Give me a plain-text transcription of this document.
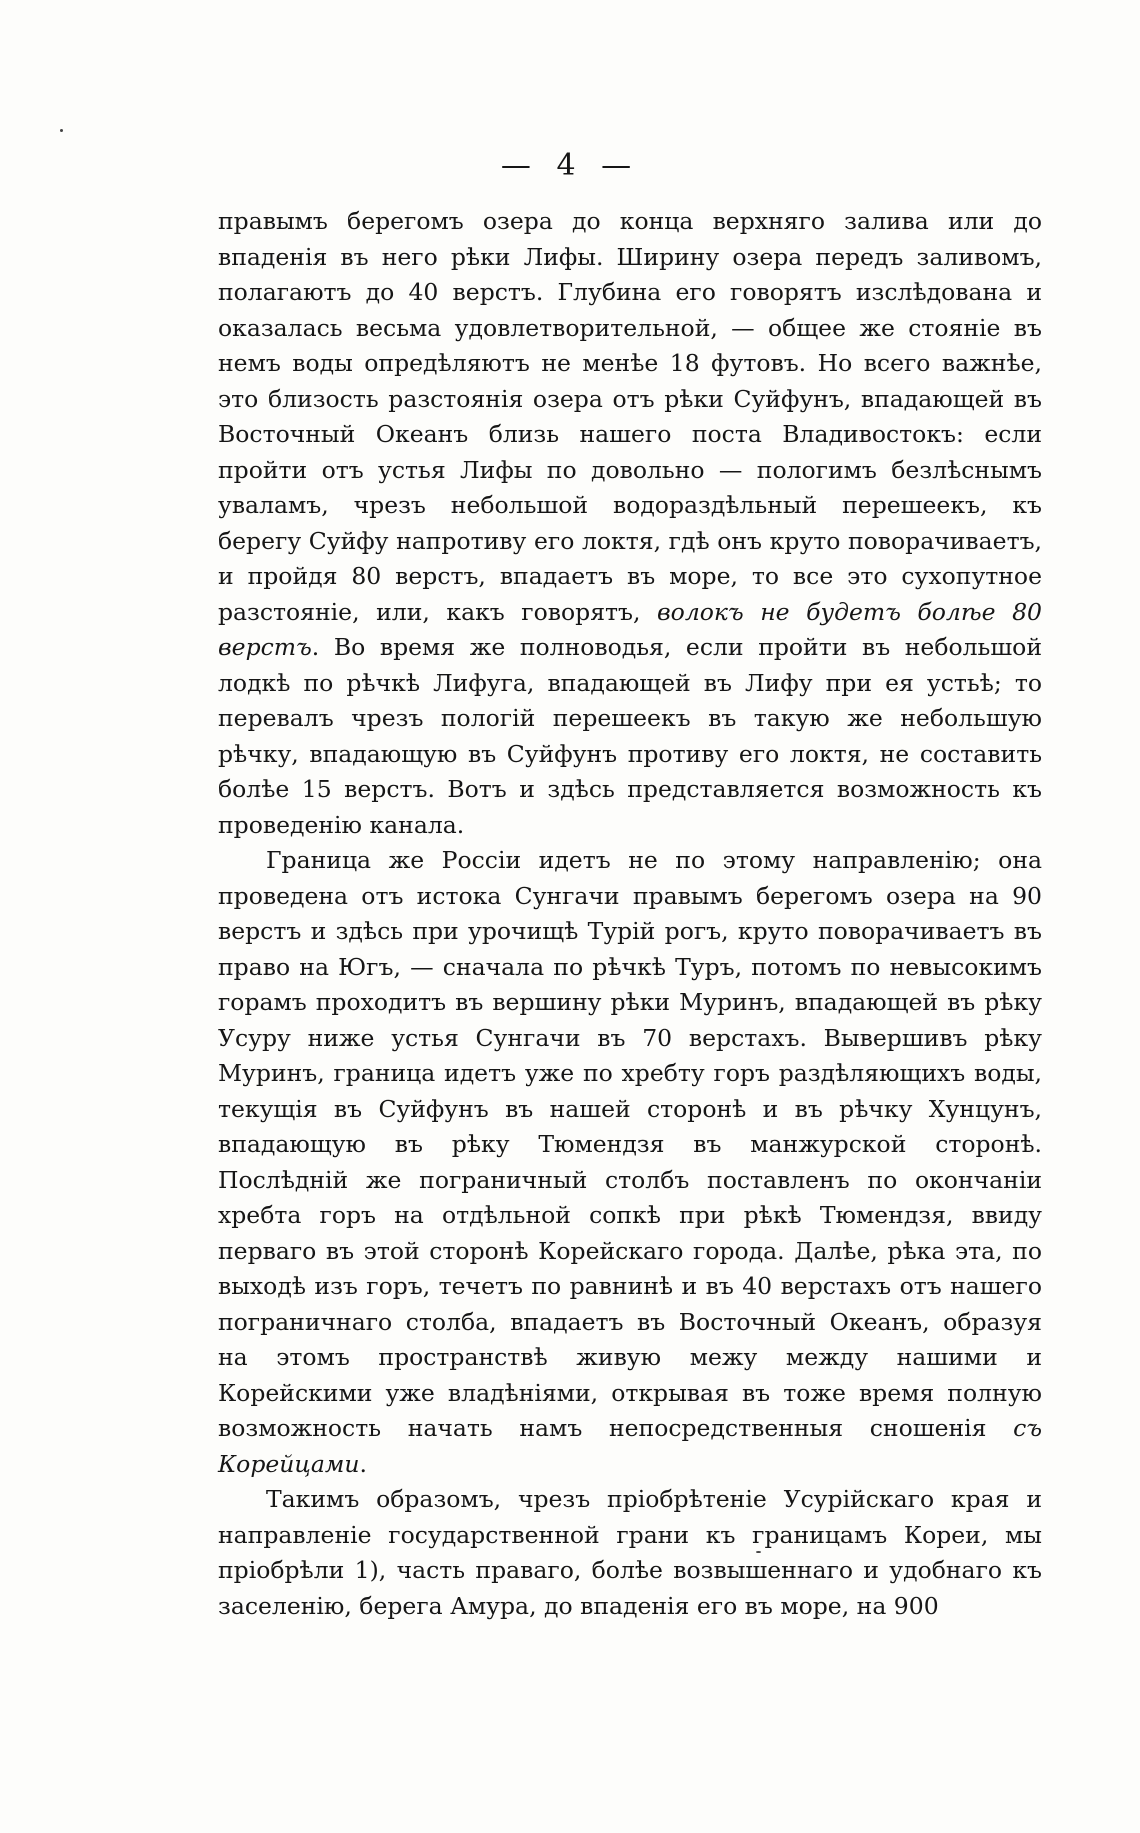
— 4 —

правымъ берегомъ озера до конца верхняго залива или до впаденія въ него рѣки Лифы. Ширину озера передъ заливомъ, полагаютъ до 40 верстъ. Глубина его говорятъ изслѣдована и оказалась весьма удовлетворительной, — общее же стояніе въ немъ воды опредѣляютъ не менѣе 18 футовъ. Но всего важнѣе, это близость разстоянія озера отъ рѣки Суйфунъ, впадающей въ Восточный Океанъ близь нашего поста Владивостокъ: если пройти отъ устья Лифы по довольно — пологимъ безлѣснымъ уваламъ, чрезъ небольшой водораздѣльный перешеекъ, къ берегу Суйфу напротиву его локтя, гдѣ онъ круто поворачиваетъ, и пройдя 80 верстъ, впадаетъ въ море, то все это сухопутное разстояніе, или, какъ говорятъ, волокъ не будетъ болѣе 80 верстъ. Во время же полноводья, если пройти въ небольшой лодкѣ по рѣчкѣ Лифуга, впадающей въ Лифу при ея устьѣ; то перевалъ чрезъ пологій перешеекъ въ такую же небольшую рѣчку, впадающую въ Суйфунъ противу его локтя, не составить болѣе 15 верстъ. Вотъ и здѣсь представляется возможность къ проведенію канала.

Граница же Россіи идетъ не по этому направленію; она проведена отъ истока Сунгачи правымъ берегомъ озера на 90 верстъ и здѣсь при урочищѣ Турій рогъ, круто поворачиваетъ въ право на Югъ, — сначала по рѣчкѣ Туръ, потомъ по невысокимъ горамъ проходитъ въ вершину рѣки Муринъ, впадающей въ рѣку Усуру ниже устья Сунгачи въ 70 верстахъ. Вывершивъ рѣку Муринъ, граница идетъ уже по хребту горъ раздѣляющихъ воды, текущія въ Суйфунъ въ нашей сторонѣ и въ рѣчку Хунцунъ, впадающую въ рѣку Тюмендзя въ манжурской сторонѣ. Послѣдній же пограничный столбъ поставленъ по окончаніи хребта горъ на отдѣльной сопкѣ при рѣкѣ Тюмендзя, ввиду перваго въ этой сторонѣ Корейскаго города. Далѣе, рѣка эта, по выходѣ изъ горъ, течетъ по равнинѣ и въ 40 верстахъ отъ нашего пограничнаго столба, впадаетъ въ Восточный Океанъ, образуя на этомъ пространствѣ живую межу между нашими и Корейскими уже владѣніями, открывая въ тоже время полную возможность начать намъ непосредственныя сношенія съ Корейцами.

Такимъ образомъ, чрезъ пріобрѣтеніе Усурійскаго края и направленіе государственной грани къ границамъ Кореи, мы пріобрѣли 1), часть праваго, болѣе возвышеннаго и удобнаго къ заселенію, берега Амура, до впаденія его въ море, на 900
